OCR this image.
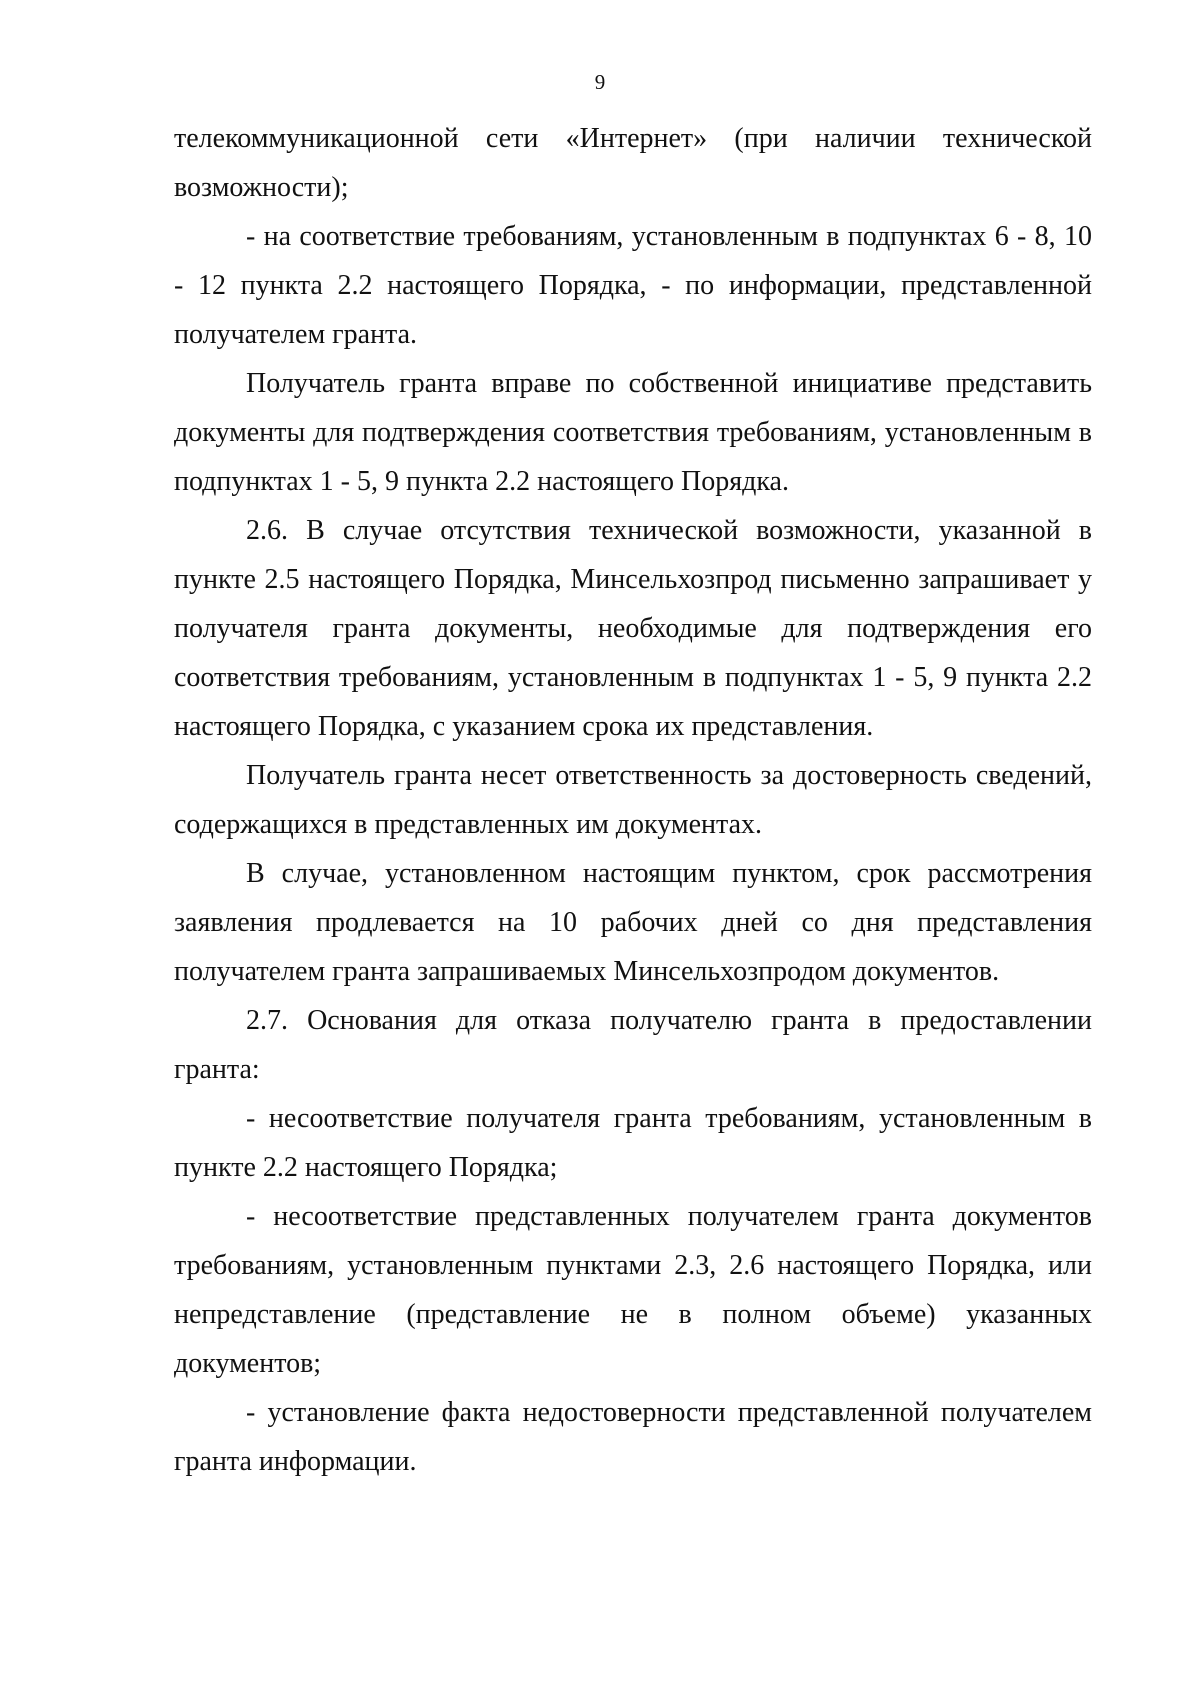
9

телекоммуникационной сети «Интернет» (при наличии технической возможности);

- на соответствие требованиям, установленным в подпунктах 6 - 8, 10 - 12 пункта 2.2 настоящего Порядка, - по информации, представленной получателем гранта.

Получатель гранта вправе по собственной инициативе представить документы для подтверждения соответствия требованиям, установленным в подпунктах 1 - 5, 9 пункта 2.2 настоящего Порядка.

2.6. В случае отсутствия технической возможности, указанной в пункте 2.5 настоящего Порядка, Минсельхозпрод письменно запрашивает у получателя гранта документы, необходимые для подтверждения его соответствия требованиям, установленным в подпунктах 1 - 5, 9 пункта 2.2 настоящего Порядка, с указанием срока их представления.

Получатель гранта несет ответственность за достоверность сведений, содержащихся в представленных им документах.

В случае, установленном настоящим пунктом, срок рассмотрения заявления продлевается на 10 рабочих дней со дня представления получателем гранта запрашиваемых Минсельхозпродом документов.

2.7. Основания для отказа получателю гранта в предоставлении гранта:

- несоответствие получателя гранта требованиям, установленным в пункте 2.2 настоящего Порядка;

- несоответствие представленных получателем гранта документов требованиям, установленным пунктами 2.3, 2.6 настоящего Порядка, или непредставление (представление не в полном объеме) указанных документов;

- установление факта недостоверности представленной получателем гранта информации.
